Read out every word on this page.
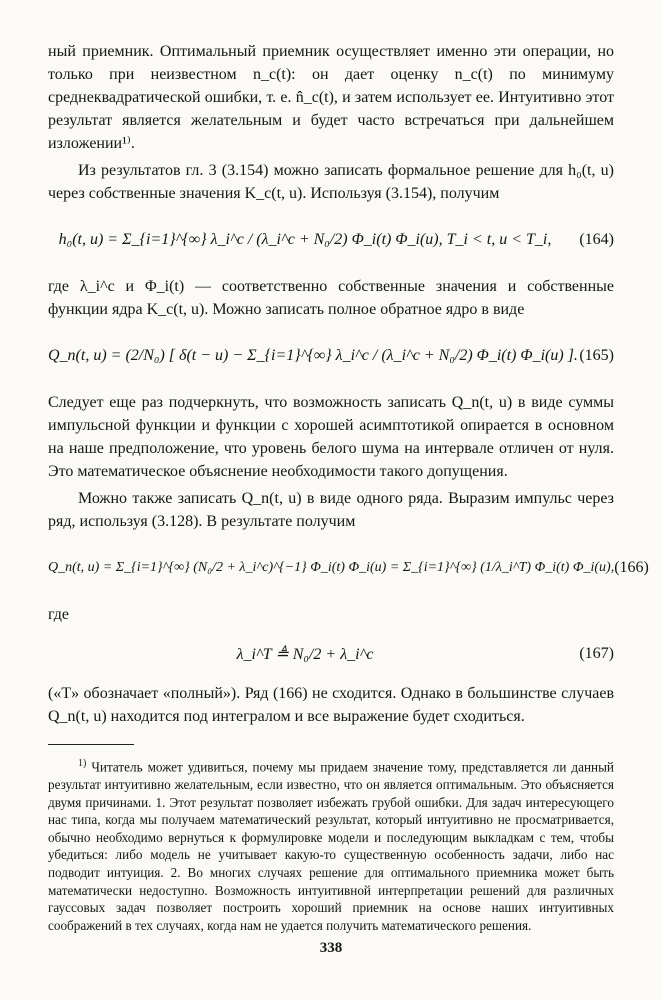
ный приемник. Оптимальный приемник осуществляет именно эти операции, но только при неизвестном n_c(t): он дает оценку n_c(t) по минимуму среднеквадратической ошибки, т. е. n̂_c(t), и затем использует ее. Интуитивно этот результат является желательным и будет часто встречаться при дальнейшем изложении¹⁾.

Из результатов гл. 3 (3.154) можно записать формальное решение для h₀(t, u) через собственные значения K_c(t, u). Используя (3.154), получим

h₀(t, u) = Σ_{i=1}^{∞} λ_i^c / (λ_i^c + N₀/2) Φ_i(t) Φ_i(u), T_i < t, u < T_i,	(164)

где λ_i^c и Φ_i(t) — соответственно собственные значения и собственные функции ядра K_c(t, u). Можно записать полное обратное ядро в виде

Q_n(t, u) = (2/N₀) [ δ(t − u) − Σ_{i=1}^{∞} λ_i^c / (λ_i^c + N₀/2) Φ_i(t) Φ_i(u) ]. (165)

Следует еще раз подчеркнуть, что возможность записать Q_n(t, u) в виде суммы импульсной функции и функции с хорошей асимптотикой опирается в основном на наше предположение, что уровень белого шума на интервале отличен от нуля. Это математическое объяснение необходимости такого допущения.

Можно также записать Q_n(t, u) в виде одного ряда. Выразим импульс через ряд, используя (3.128). В результате получим

Q_n(t, u) = Σ_{i=1}^{∞} (N₀/2 + λ_i^c)^{−1} Φ_i(t) Φ_i(u) = Σ_{i=1}^{∞} (1/λ_i^T) Φ_i(t) Φ_i(u), (166)

где

λ_i^T ≜ N₀/2 + λ_i^c	(167)

(«T» обозначает «полный»). Ряд (166) не сходится. Однако в большинстве случаев Q_n(t, u) находится под интегралом и все выражение будет сходиться.

$^{1)}$ Читатель может удивиться, почему мы придаем значение тому, представляется ли данный результат интуитивно желательным, если известно, что он является оптимальным. Это объясняется двумя причинами. 1. Этот результат позволяет избежать грубой ошибки. Для задач интересующего нас типа, когда мы получаем математический результат, который интуитивно не просматривается, обычно необходимо вернуться к формулировке модели и последующим выкладкам с тем, чтобы убедиться: либо модель не учитывает какую-то существенную особенность задачи, либо нас подводит интуиция. 2. Во многих случаях решение для оптимального приемника может быть математически недоступно. Возможность интуитивной интерпретации решений для различных гауссовых задач позволяет построить хороший приемник на основе наших интуитивных соображений в тех случаях, когда нам не удается получить математического решения.

338
